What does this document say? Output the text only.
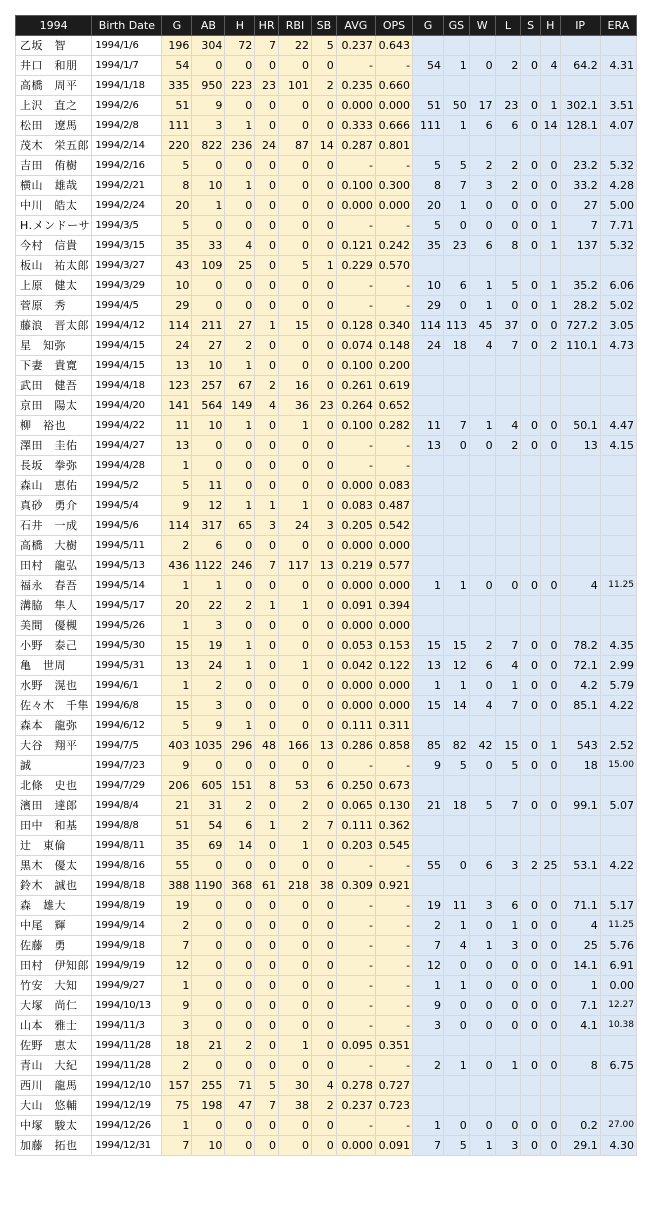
1994	Birth Date	G	AB	H	HR	RBI	SB	AVG	OPS	G	GS	W	L	S	H	IP	ERA
乙坂　智	1994/1/6	196	304	72	7	22	5	0.237	0.643								
井口　和朋	1994/1/7	54	0	0	0	0	0	-	-	54	1	0	2	0	4	64.2	4.31
高橋　周平	1994/1/18	335	950	223	23	101	2	0.235	0.660								
上沢　直之	1994/2/6	51	9	0	0	0	0	0.000	0.000	51	50	17	23	0	1	302.1	3.51
松田　遼馬	1994/2/8	111	3	1	0	0	0	0.333	0.666	111	1	6	6	0	14	128.1	4.07
茂木　栄五郎	1994/2/14	220	822	236	24	87	14	0.287	0.801								
吉田　侑樹	1994/2/16	5	0	0	0	0	0	-	-	5	5	2	2	0	0	23.2	5.32
横山　雄哉	1994/2/21	8	10	1	0	0	0	0.100	0.300	8	7	3	2	0	0	33.2	4.28
中川　皓太	1994/2/24	20	1	0	0	0	0	0.000	0.000	20	1	0	0	0	0	27	5.00
H.メンドーサ	1994/3/5	5	0	0	0	0	0	-	-	5	0	0	0	0	1	7	7.71
今村　信貴	1994/3/15	35	33	4	0	0	0	0.121	0.242	35	23	6	8	0	1	137	5.32
板山　祐太郎	1994/3/27	43	109	25	0	5	1	0.229	0.570								
上原　健太	1994/3/29	10	0	0	0	0	0	-	-	10	6	1	5	0	1	35.2	6.06
菅原　秀	1994/4/5	29	0	0	0	0	0	-	-	29	0	1	0	0	1	28.2	5.02
藤浪　晋太郎	1994/4/12	114	211	27	1	15	0	0.128	0.340	114	113	45	37	0	0	727.2	3.05
星　知弥	1994/4/15	24	27	2	0	0	0	0.074	0.148	24	18	4	7	0	2	110.1	4.73
下妻　貴寛	1994/4/15	13	10	1	0	0	0	0.100	0.200								
武田　健吾	1994/4/18	123	257	67	2	16	0	0.261	0.619								
京田　陽太	1994/4/20	141	564	149	4	36	23	0.264	0.652								
柳　裕也	1994/4/22	11	10	1	0	1	0	0.100	0.282	11	7	1	4	0	0	50.1	4.47
澤田　圭佑	1994/4/27	13	0	0	0	0	0	-	-	13	0	0	2	0	0	13	4.15
長坂　拳弥	1994/4/28	1	0	0	0	0	0	-	-								
森山　恵佑	1994/5/2	5	11	0	0	0	0	0.000	0.083								
真砂　勇介	1994/5/4	9	12	1	1	1	0	0.083	0.487								
石井　一成	1994/5/6	114	317	65	3	24	3	0.205	0.542								
高橋　大樹	1994/5/11	2	6	0	0	0	0	0.000	0.000								
田村　龍弘	1994/5/13	436	1122	246	7	117	13	0.219	0.577								
福永　春吾	1994/5/14	1	1	0	0	0	0	0.000	0.000	1	1	0	0	0	0	4	11.25
溝脇　隼人	1994/5/17	20	22	2	1	1	0	0.091	0.394								
美間　優槻	1994/5/26	1	3	0	0	0	0	0.000	0.000								
小野　泰己	1994/5/30	15	19	1	0	0	0	0.053	0.153	15	15	2	7	0	0	78.2	4.35
亀　世周	1994/5/31	13	24	1	0	1	0	0.042	0.122	13	12	6	4	0	0	72.1	2.99
水野　滉也	1994/6/1	1	2	0	0	0	0	0.000	0.000	1	1	0	1	0	0	4.2	5.79
佐々木　千隼	1994/6/8	15	3	0	0	0	0	0.000	0.000	15	14	4	7	0	0	85.1	4.22
森本　龍弥	1994/6/12	5	9	1	0	0	0	0.111	0.311								
大谷　翔平	1994/7/5	403	1035	296	48	166	13	0.286	0.858	85	82	42	15	0	1	543	2.52
誠	1994/7/23	9	0	0	0	0	0	-	-	9	5	0	5	0	0	18	15.00
北條　史也	1994/7/29	206	605	151	8	53	6	0.250	0.673								
濱田　達郎	1994/8/4	21	31	2	0	2	0	0.065	0.130	21	18	5	7	0	0	99.1	5.07
田中　和基	1994/8/8	51	54	6	1	2	7	0.111	0.362								
辻　東倫	1994/8/11	35	69	14	0	1	0	0.203	0.545								
黒木　優太	1994/8/16	55	0	0	0	0	0	-	-	55	0	6	3	2	25	53.1	4.22
鈴木　誠也	1994/8/18	388	1190	368	61	218	38	0.309	0.921								
森　雄大	1994/8/19	19	0	0	0	0	0	-	-	19	11	3	6	0	0	71.1	5.17
中尾　輝	1994/9/14	2	0	0	0	0	0	-	-	2	1	0	1	0	0	4	11.25
佐藤　勇	1994/9/18	7	0	0	0	0	0	-	-	7	4	1	3	0	0	25	5.76
田村　伊知郎	1994/9/19	12	0	0	0	0	0	-	-	12	0	0	0	0	0	14.1	6.91
竹安　大知	1994/9/27	1	0	0	0	0	0	-	-	1	1	0	0	0	0	1	0.00
大塚　尚仁	1994/10/13	9	0	0	0	0	0	-	-	9	0	0	0	0	0	7.1	12.27
山本　雅士	1994/11/3	3	0	0	0	0	0	-	-	3	0	0	0	0	0	4.1	10.38
佐野　恵太	1994/11/28	18	21	2	0	1	0	0.095	0.351								
青山　大紀	1994/11/28	2	0	0	0	0	0	-	-	2	1	0	1	0	0	8	6.75
西川　龍馬	1994/12/10	157	255	71	5	30	4	0.278	0.727								
大山　悠輔	1994/12/19	75	198	47	7	38	2	0.237	0.723								
中塚　駿太	1994/12/26	1	0	0	0	0	0	-	-	1	0	0	0	0	0	0.2	27.00
加藤　拓也	1994/12/31	7	10	0	0	0	0	0.000	0.091	7	5	1	3	0	0	29.1	4.30
